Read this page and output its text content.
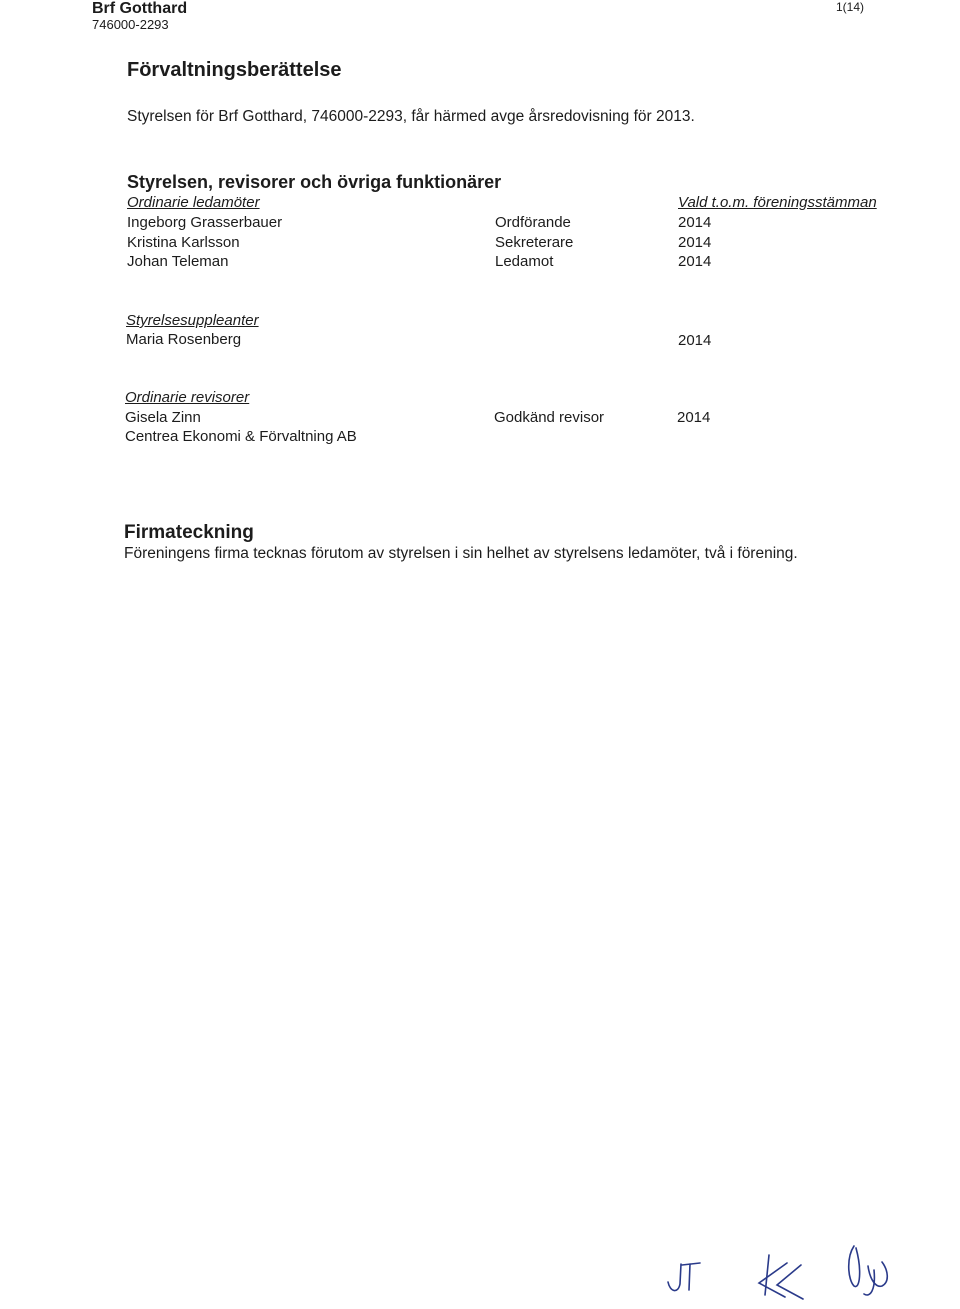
Brf Gotthard
746000-2293
1(14)
Förvaltningsberättelse
Styrelsen för Brf Gotthard, 746000-2293, får härmed avge årsredovisning för 2013.
Styrelsen, revisorer och övriga funktionärer
Ordinarie ledamöter	Vald t.o.m. föreningsstämman
Ingeborg Grasserbauer	Ordförande	2014
Kristina Karlsson	Sekreterare	2014
Johan Teleman	Ledamot	2014
Styrelsesuppleanter
Maria Rosenberg	2014
Ordinarie revisorer
Gisela Zinn	Godkänd revisor	2014
Centrea Ekonomi & Förvaltning AB
Firmateckning
Föreningens firma tecknas förutom av styrelsen i sin helhet av styrelsens ledamöter, två i förening.
